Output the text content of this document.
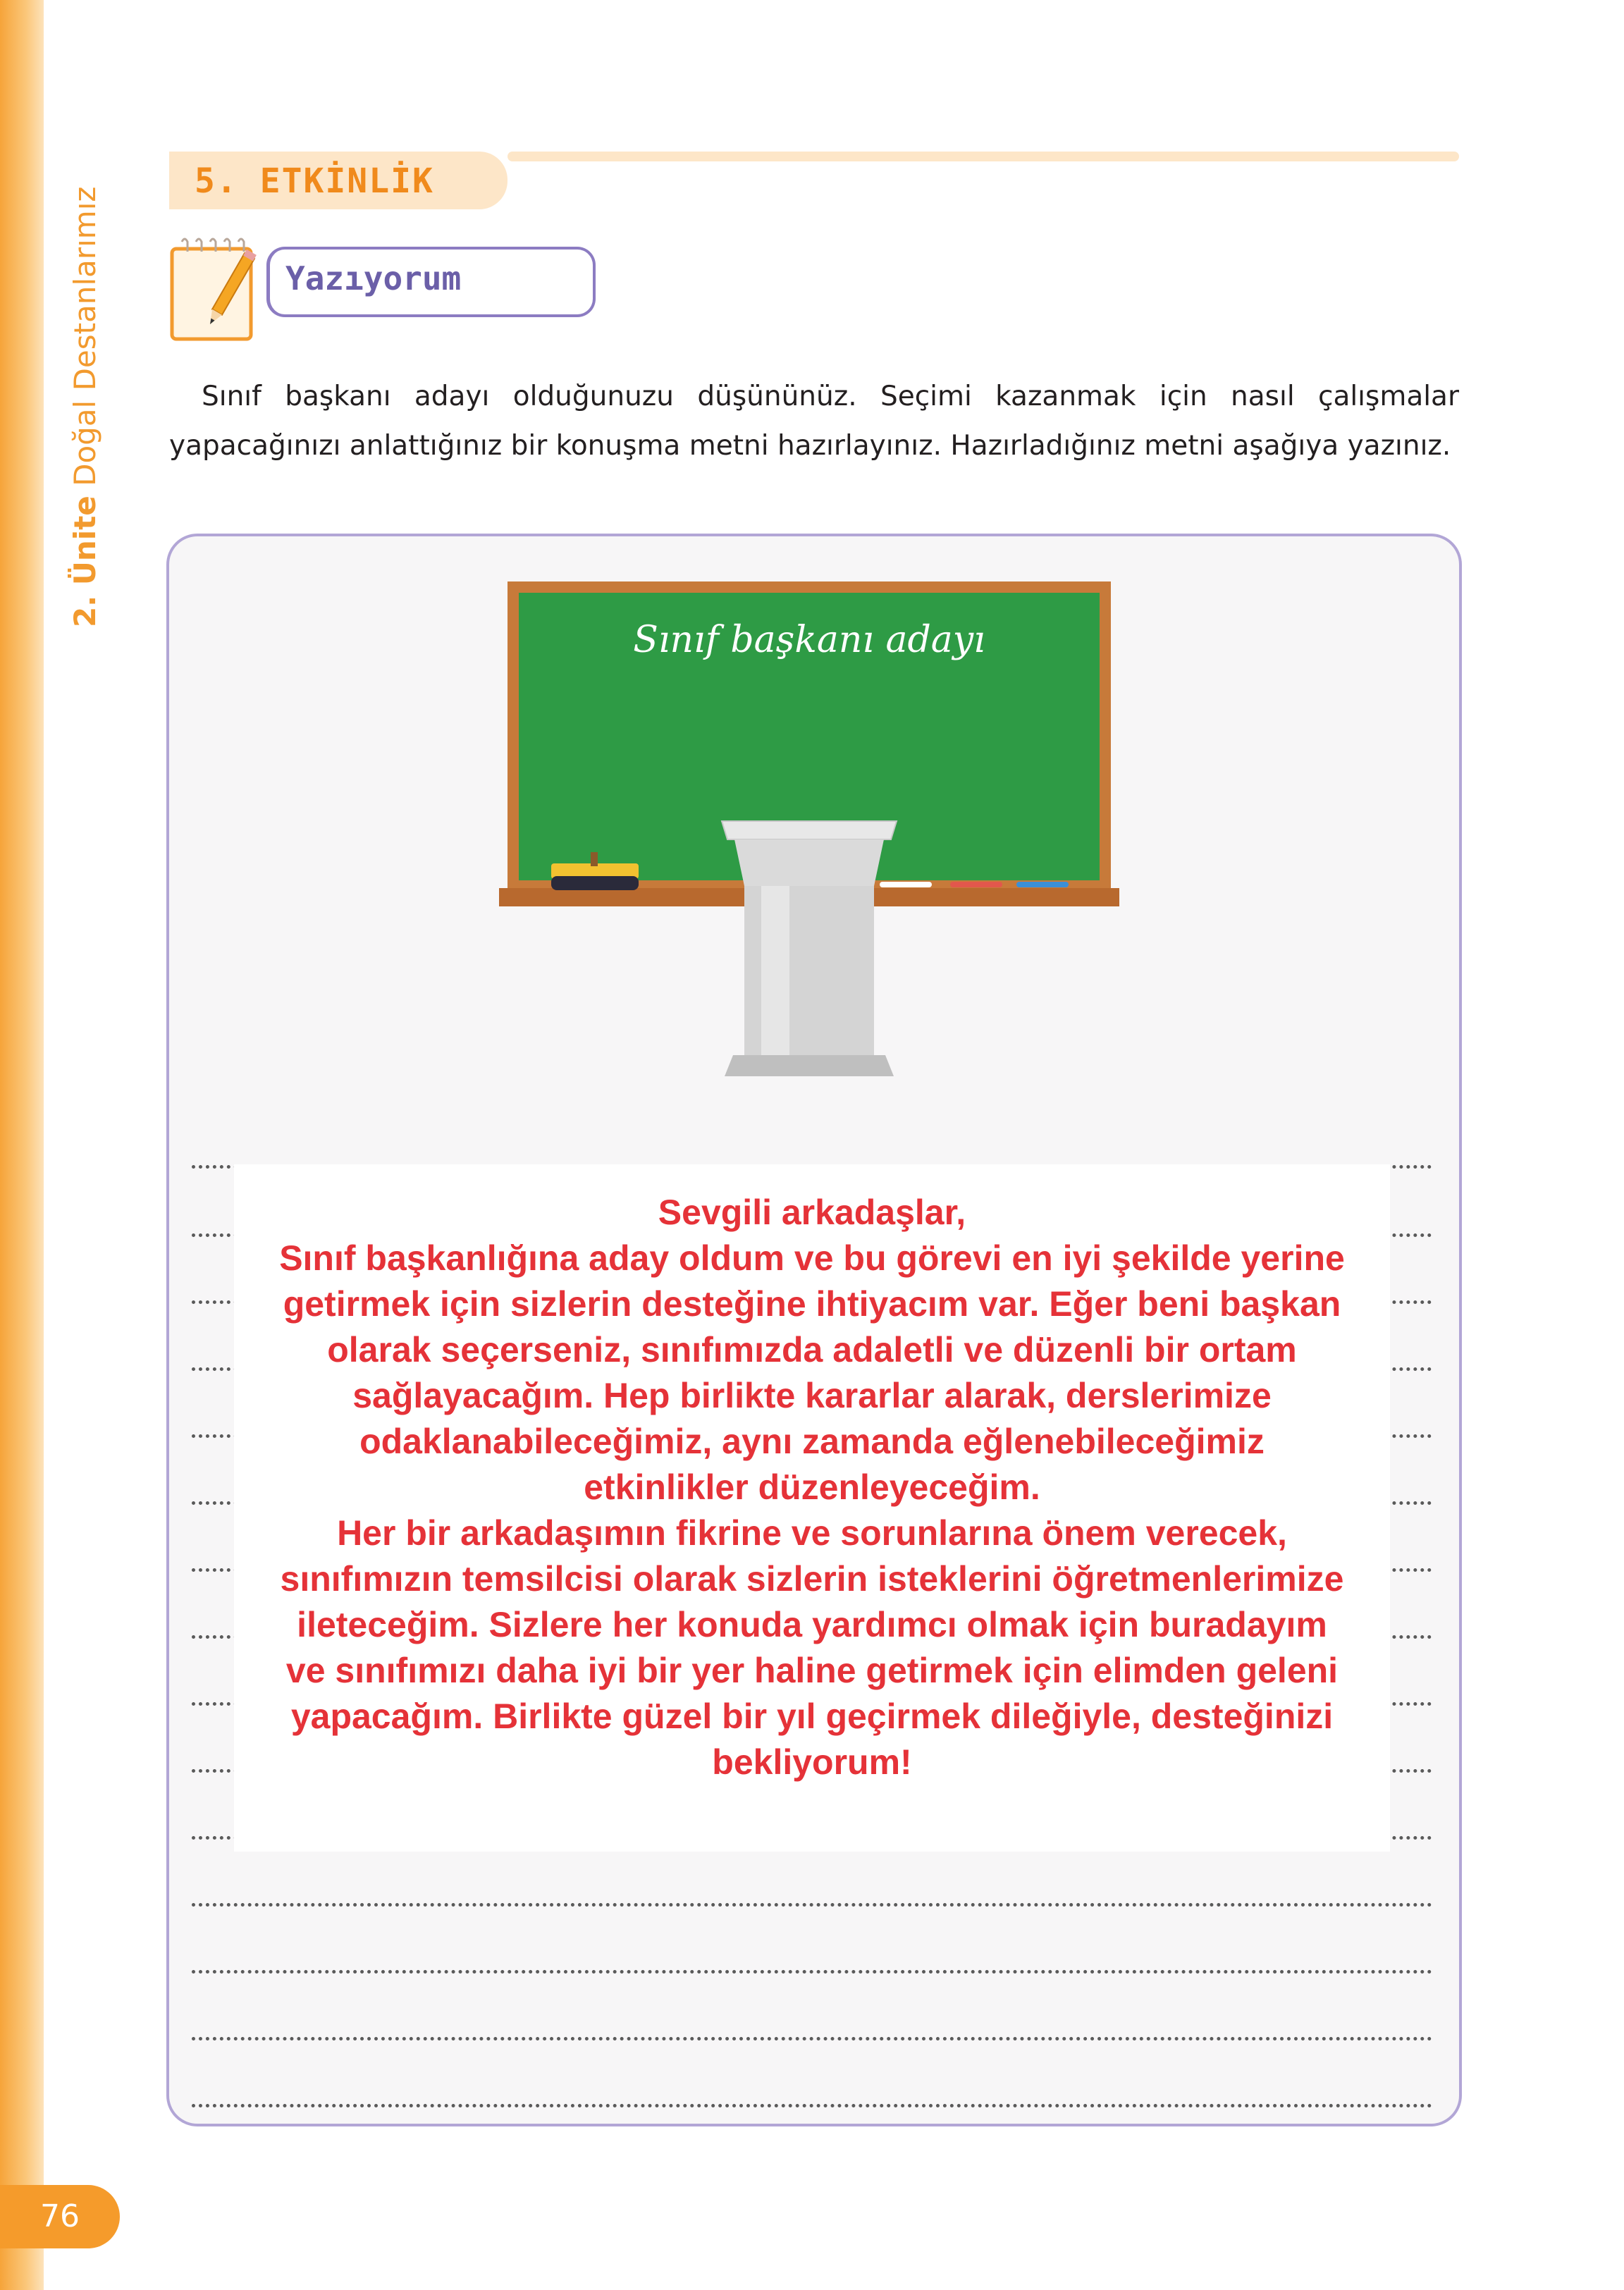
2. Ünite Doğal Destanlarımız
76
5. ETKİNLİK
Yazıyorum
Sınıf başkanı adayı olduğunuzu düşününüz. Seçimi kazanmak için nasıl çalışmalar yapacağınızı anlattığınız bir konuşma metni hazırlayınız. Hazırladığınız metni aşağıya yazınız.
Sınıf başkanı adayı
Sevgili arkadaşlar,
Sınıf başkanlığına aday oldum ve bu görevi en iyi şekilde yerine
getirmek için sizlerin desteğine ihtiyacım var. Eğer beni başkan
olarak seçerseniz, sınıfımızda adaletli ve düzenli bir ortam
sağlayacağım. Hep birlikte kararlar alarak, derslerimize
odaklanabileceğimiz, aynı zamanda eğlenebileceğimiz
etkinlikler düzenleyeceğim.
Her bir arkadaşımın fikrine ve sorunlarına önem verecek,
sınıfımızın temsilcisi olarak sizlerin isteklerini öğretmenlerimize
ileteceğim. Sizlere her konuda yardımcı olmak için buradayım
ve sınıfımızı daha iyi bir yer haline getirmek için elimden geleni
yapacağım. Birlikte güzel bir yıl geçirmek dileğiyle, desteğinizi
bekliyorum!
